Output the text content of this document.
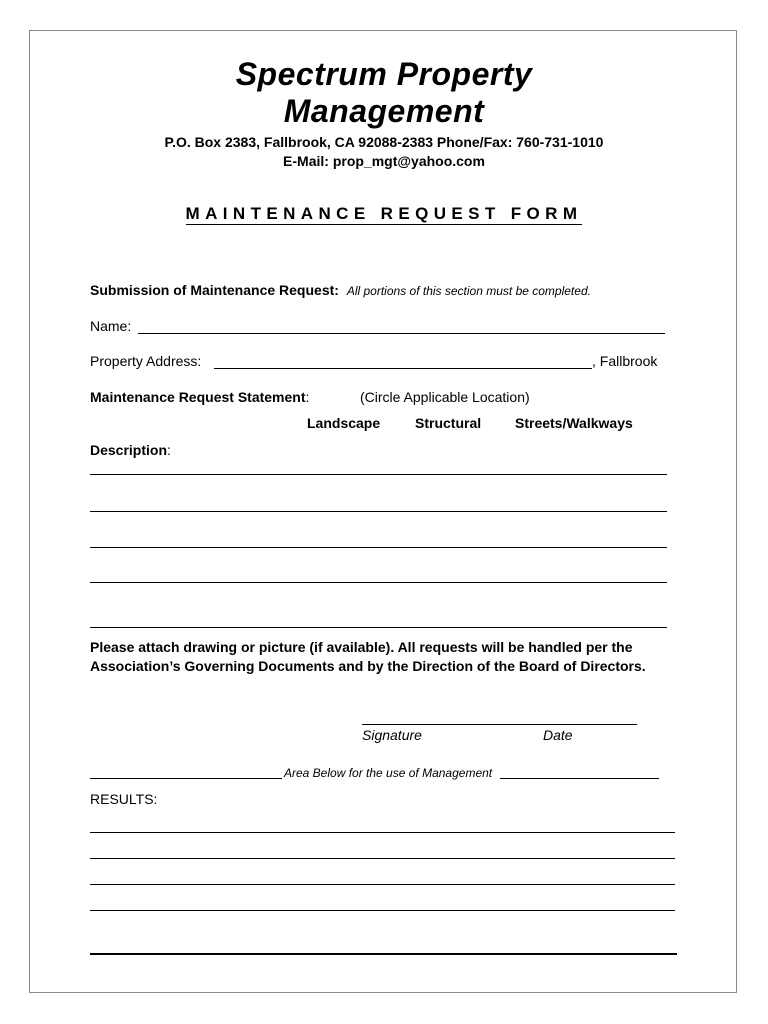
Spectrum Property
Management
P.O. Box 2383, Fallbrook, CA 92088-2383 Phone/Fax: 760-731-1010
E-Mail: prop_mgt@yahoo.com
MAINTENANCE REQUEST FORM
Submission of Maintenance Request: All portions of this section must be completed.
Name:
Property Address:	, Fallbrook
Maintenance Request Statement:	(Circle Applicable Location)
Landscape Structural Streets/Walkways
Description:
Please attach drawing or picture (if available). All requests will be handled per the Association’s Governing Documents and by the Direction of the Board of Directors.
Signature	Date
Area Below for the use of Management
RESULTS:
